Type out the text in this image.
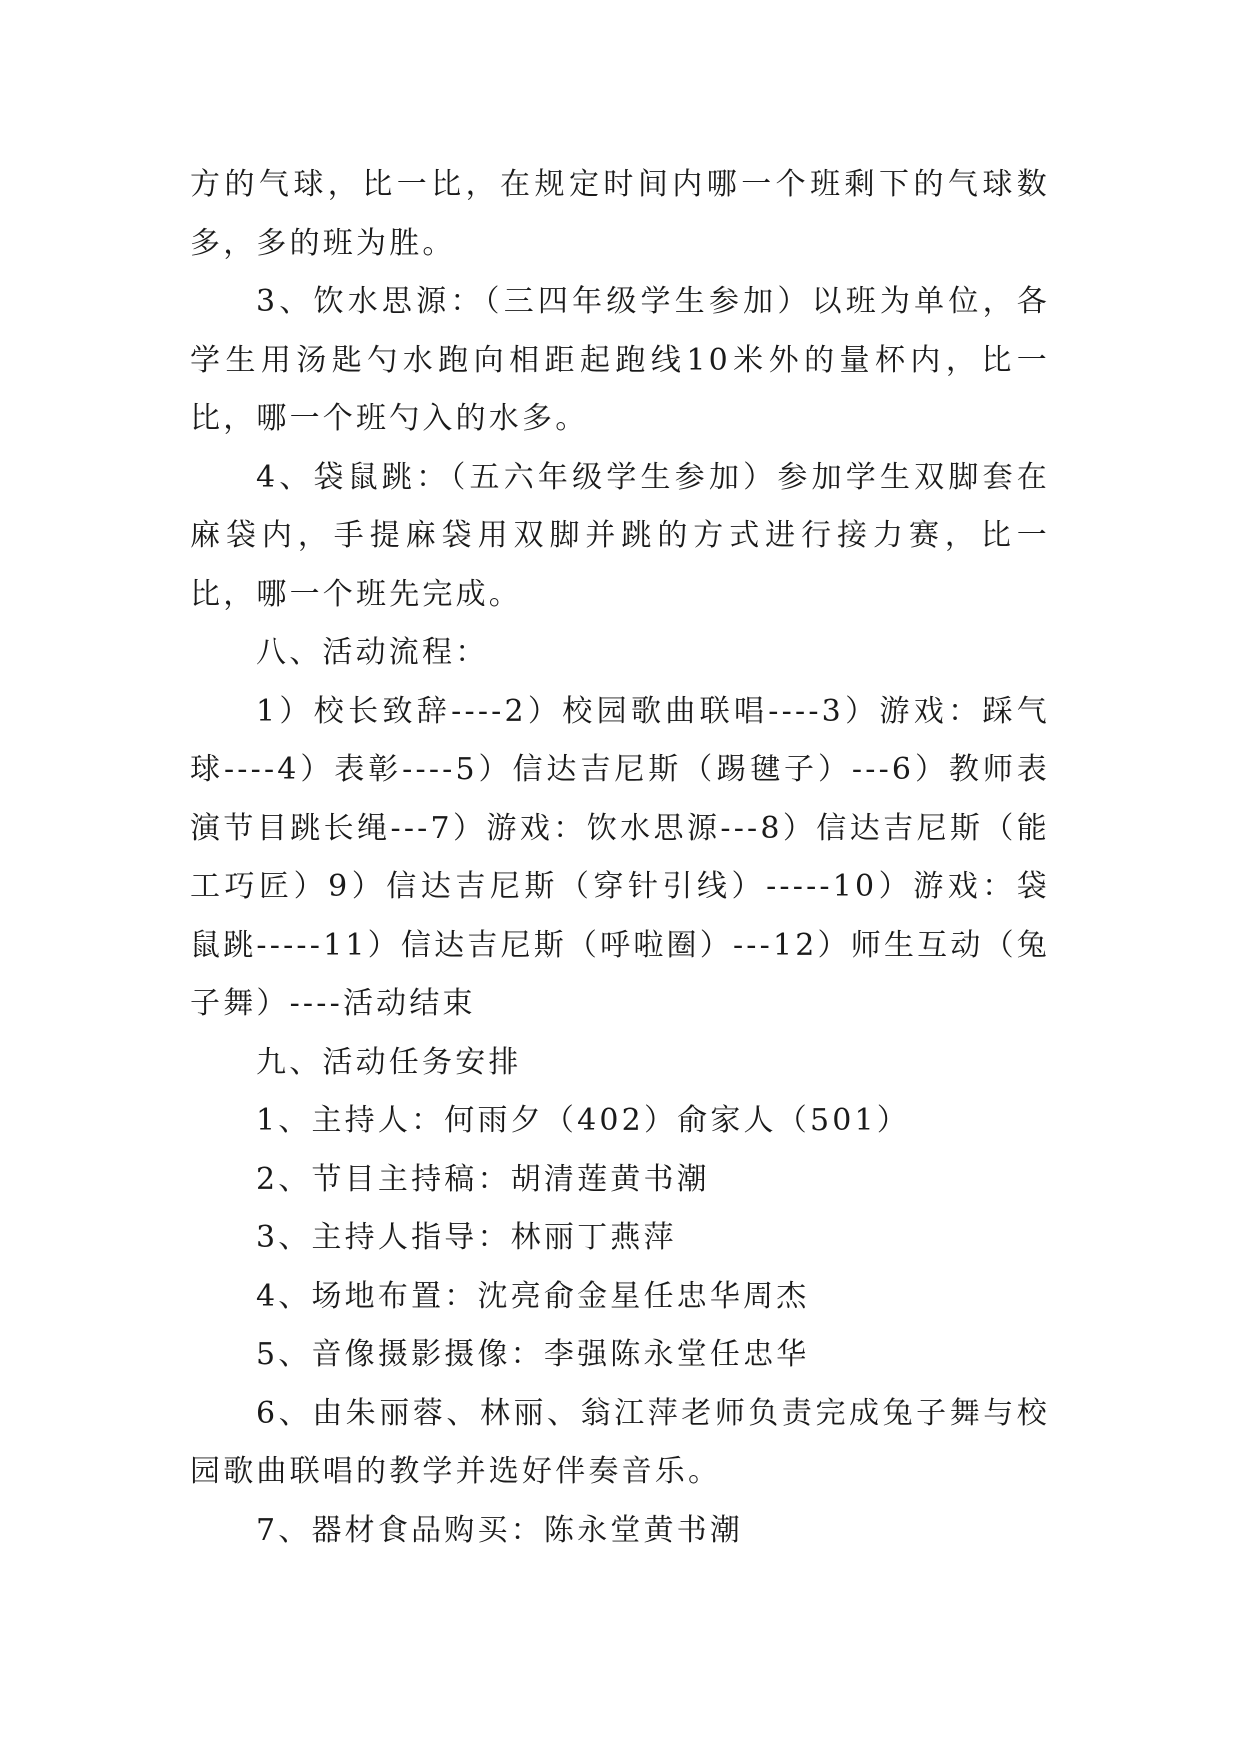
方的气球，比一比，在规定时间内哪一个班剩下的气球数多，多的班为胜。

3、饮水思源：（三四年级学生参加）以班为单位，各学生用汤匙勺水跑向相距起跑线10米外的量杯内，比一比，哪一个班勺入的水多。

4、袋鼠跳：（五六年级学生参加）参加学生双脚套在麻袋内，手提麻袋用双脚并跳的方式进行接力赛，比一比，哪一个班先完成。

八、活动流程：

1）校长致辞----2）校园歌曲联唱----3）游戏：踩气球----4）表彰----5）信达吉尼斯（踢毽子）---6）教师表演节目跳长绳---7）游戏：饮水思源---8）信达吉尼斯（能工巧匠）9）信达吉尼斯（穿针引线）-----10）游戏：袋鼠跳-----11）信达吉尼斯（呼啦圈）---12）师生互动（兔子舞）----活动结束

九、活动任务安排

1、主持人：何雨夕（402）俞家人（501）

2、节目主持稿：胡清莲黄书潮

3、主持人指导：林丽丁燕萍

4、场地布置：沈亮俞金星任忠华周杰

5、音像摄影摄像：李强陈永堂任忠华

6、由朱丽蓉、林丽、翁江萍老师负责完成兔子舞与校园歌曲联唱的教学并选好伴奏音乐。

7、器材食品购买：陈永堂黄书潮
